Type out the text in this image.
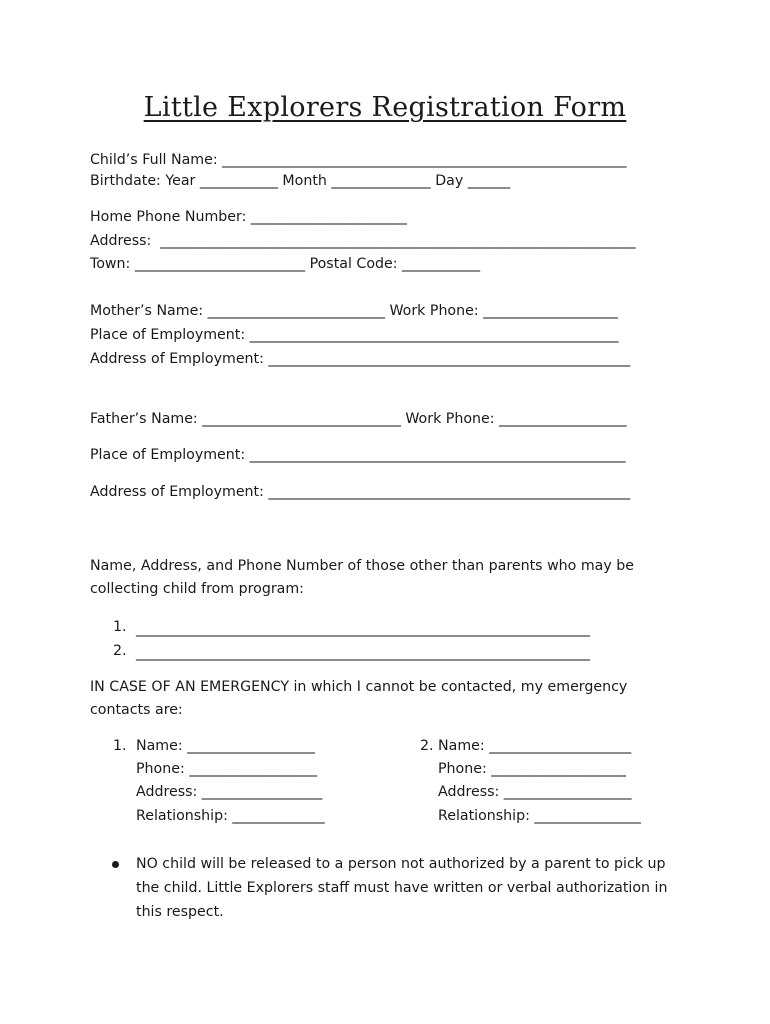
Little Explorers Registration Form
Child’s Full Name: _________________________________________________________
Birthdate: Year ___________ Month ______________ Day ______
Home Phone Number: ______________________
Address:  ___________________________________________________________________
Town: ________________________ Postal Code: ___________
Mother’s Name: _________________________ Work Phone: ___________________
Place of Employment: ____________________________________________________
Address of Employment: ___________________________________________________
Father’s Name: ____________________________ Work Phone: __________________
Place of Employment: _____________________________________________________
Address of Employment: ___________________________________________________
Name, Address, and Phone Number of those other than parents who may be collecting child from program:
1. ________________________________________________________________
2. ________________________________________________________________
IN CASE OF AN EMERGENCY in which I cannot be contacted, my emergency contacts are:
1. Name: __________________
Phone: __________________
Address: _________________
Relationship: _____________
2. Name: ____________________
Phone: ___________________
Address: __________________
Relationship: _______________
NO child will be released to a person not authorized by a parent to pick up the child. Little Explorers staff must have written or verbal authorization in this respect.
